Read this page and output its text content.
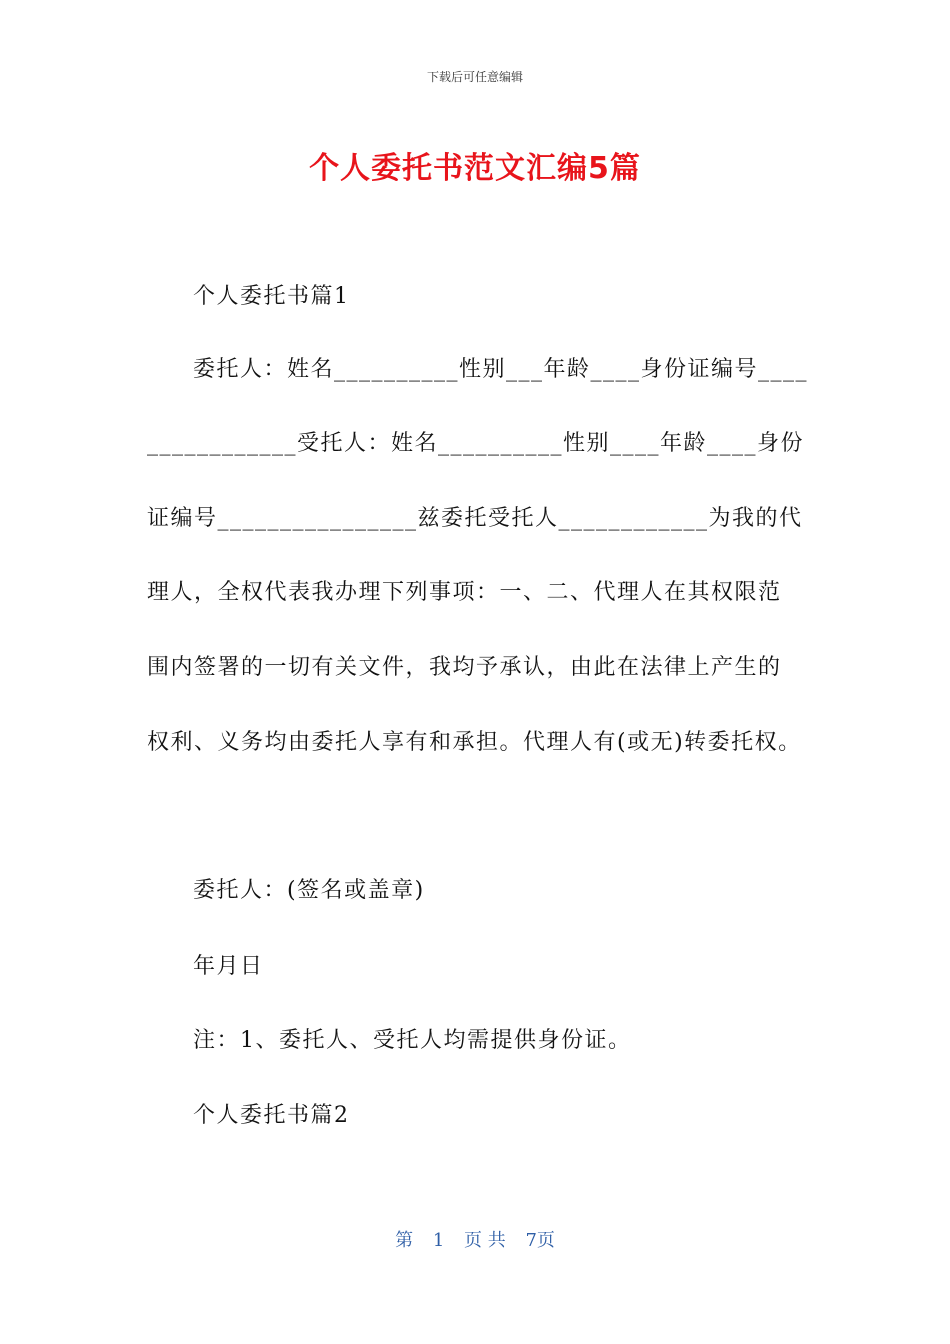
下载后可任意编辑
个人委托书范文汇编5篇
个人委托书篇1
委托人：姓名__________性别___年龄____身份证编号____
____________受托人：姓名__________性别____年龄____身份
证编号________________兹委托受托人____________为我的代
理人，全权代表我办理下列事项：一、二、代理人在其权限范
围内签署的一切有关文件，我均予承认，由此在法律上产生的
权利、义务均由委托人享有和承担。代理人有(或无)转委托权。
委托人：(签名或盖章)
年月日
注：1、委托人、受托人均需提供身份证。
个人委托书篇2
第 1 页 共 7页
